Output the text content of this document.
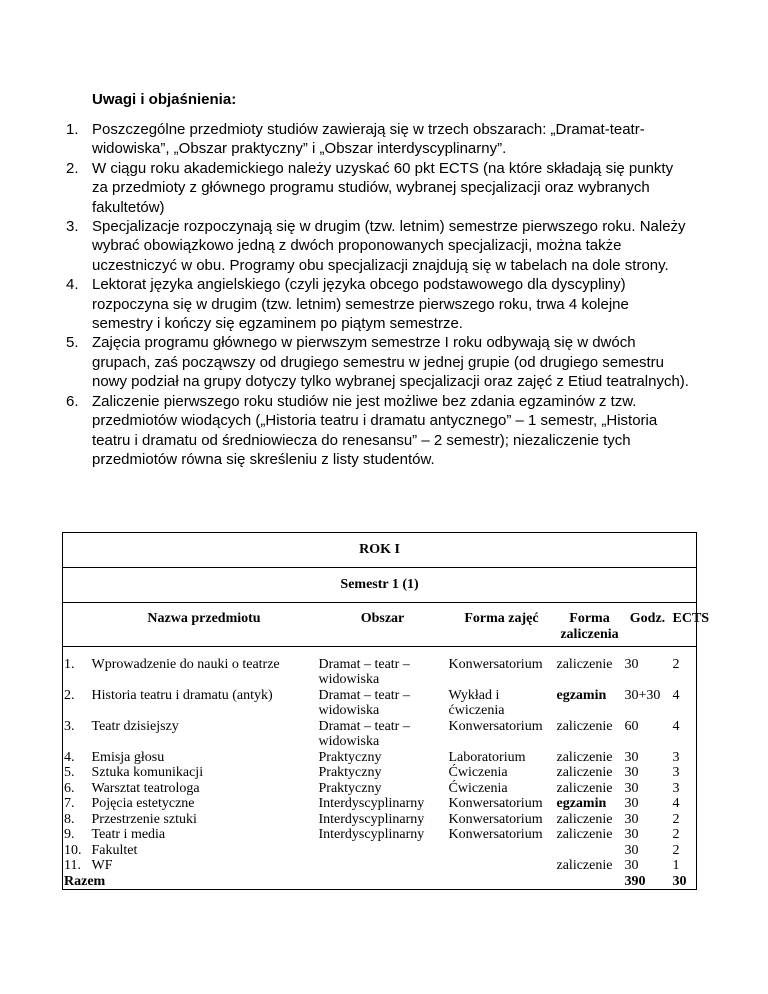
Uwagi i objaśnienia:
1. Poszczególne przedmioty studiów zawierają się w trzech obszarach: „Dramat-teatr-widowiska”, „Obszar praktyczny” i „Obszar interdyscyplinarny”.
2. W ciągu roku akademickiego należy uzyskać 60 pkt ECTS (na które składają się punkty za przedmioty z głównego programu studiów, wybranej specjalizacji oraz wybranych fakultetów)
3. Specjalizacje rozpoczynają się w drugim (tzw. letnim) semestrze pierwszego roku. Należy wybrać obowiązkowo jedną z dwóch proponowanych specjalizacji, można także uczestniczyć w obu. Programy obu specjalizacji znajdują się w tabelach na dole strony.
4. Lektorat języka angielskiego (czyli języka obcego podstawowego dla dyscypliny) rozpoczyna się w drugim (tzw. letnim) semestrze pierwszego roku, trwa 4 kolejne semestry i kończy się egzaminem po piątym semestrze.
5. Zajęcia programu głównego w pierwszym semestrze I roku odbywają się w dwóch grupach, zaś począwszy od drugiego semestru w jednej grupie (od drugiego semestru nowy podział na grupy dotyczy tylko wybranej specjalizacji oraz zajęć z Etiud teatralnych).
6. Zaliczenie pierwszego roku studiów nie jest możliwe bez zdania egzaminów z tzw. przedmiotów wiodących („Historia teatru i dramatu antycznego” – 1 semestr, „Historia teatru i dramatu od średniowiecza do renesansu” – 2 semestr); niezaliczenie tych przedmiotów równa się skreśleniu z listy studentów.
ROK I						
Semestr 1 (1)						
	Nazwa przedmiotu	Obszar	Forma zajęć	Forma zaliczenia	Godz.	ECTS

1.	Wprowadzenie do nauki o teatrze	Dramat – teatr – widowiska	Konwersatorium	zaliczenie	30	2
2.	Historia teatru i dramatu (antyk)	Dramat – teatr – widowiska	Wykład i ćwiczenia	egzamin	30+30	4
3.	Teatr dzisiejszy	Dramat – teatr – widowiska	Konwersatorium	zaliczenie	60	4
4.	Emisja głosu	Praktyczny	Laboratorium	zaliczenie	30	3
5.	Sztuka komunikacji	Praktyczny	Ćwiczenia	zaliczenie	30	3
6.	Warsztat teatrologa	Praktyczny	Ćwiczenia	zaliczenie	30	3
7.	Pojęcia estetyczne	Interdyscyplinarny	Konwersatorium	egzamin	30	4
8.	Przestrzenie sztuki	Interdyscyplinarny	Konwersatorium	zaliczenie	30	2
9.	Teatr i media	Interdyscyplinarny	Konwersatorium	zaliczenie	30	2
10.	Fakultet				30	2
11.	WF			zaliczenie	30	1
Razem					390	30
